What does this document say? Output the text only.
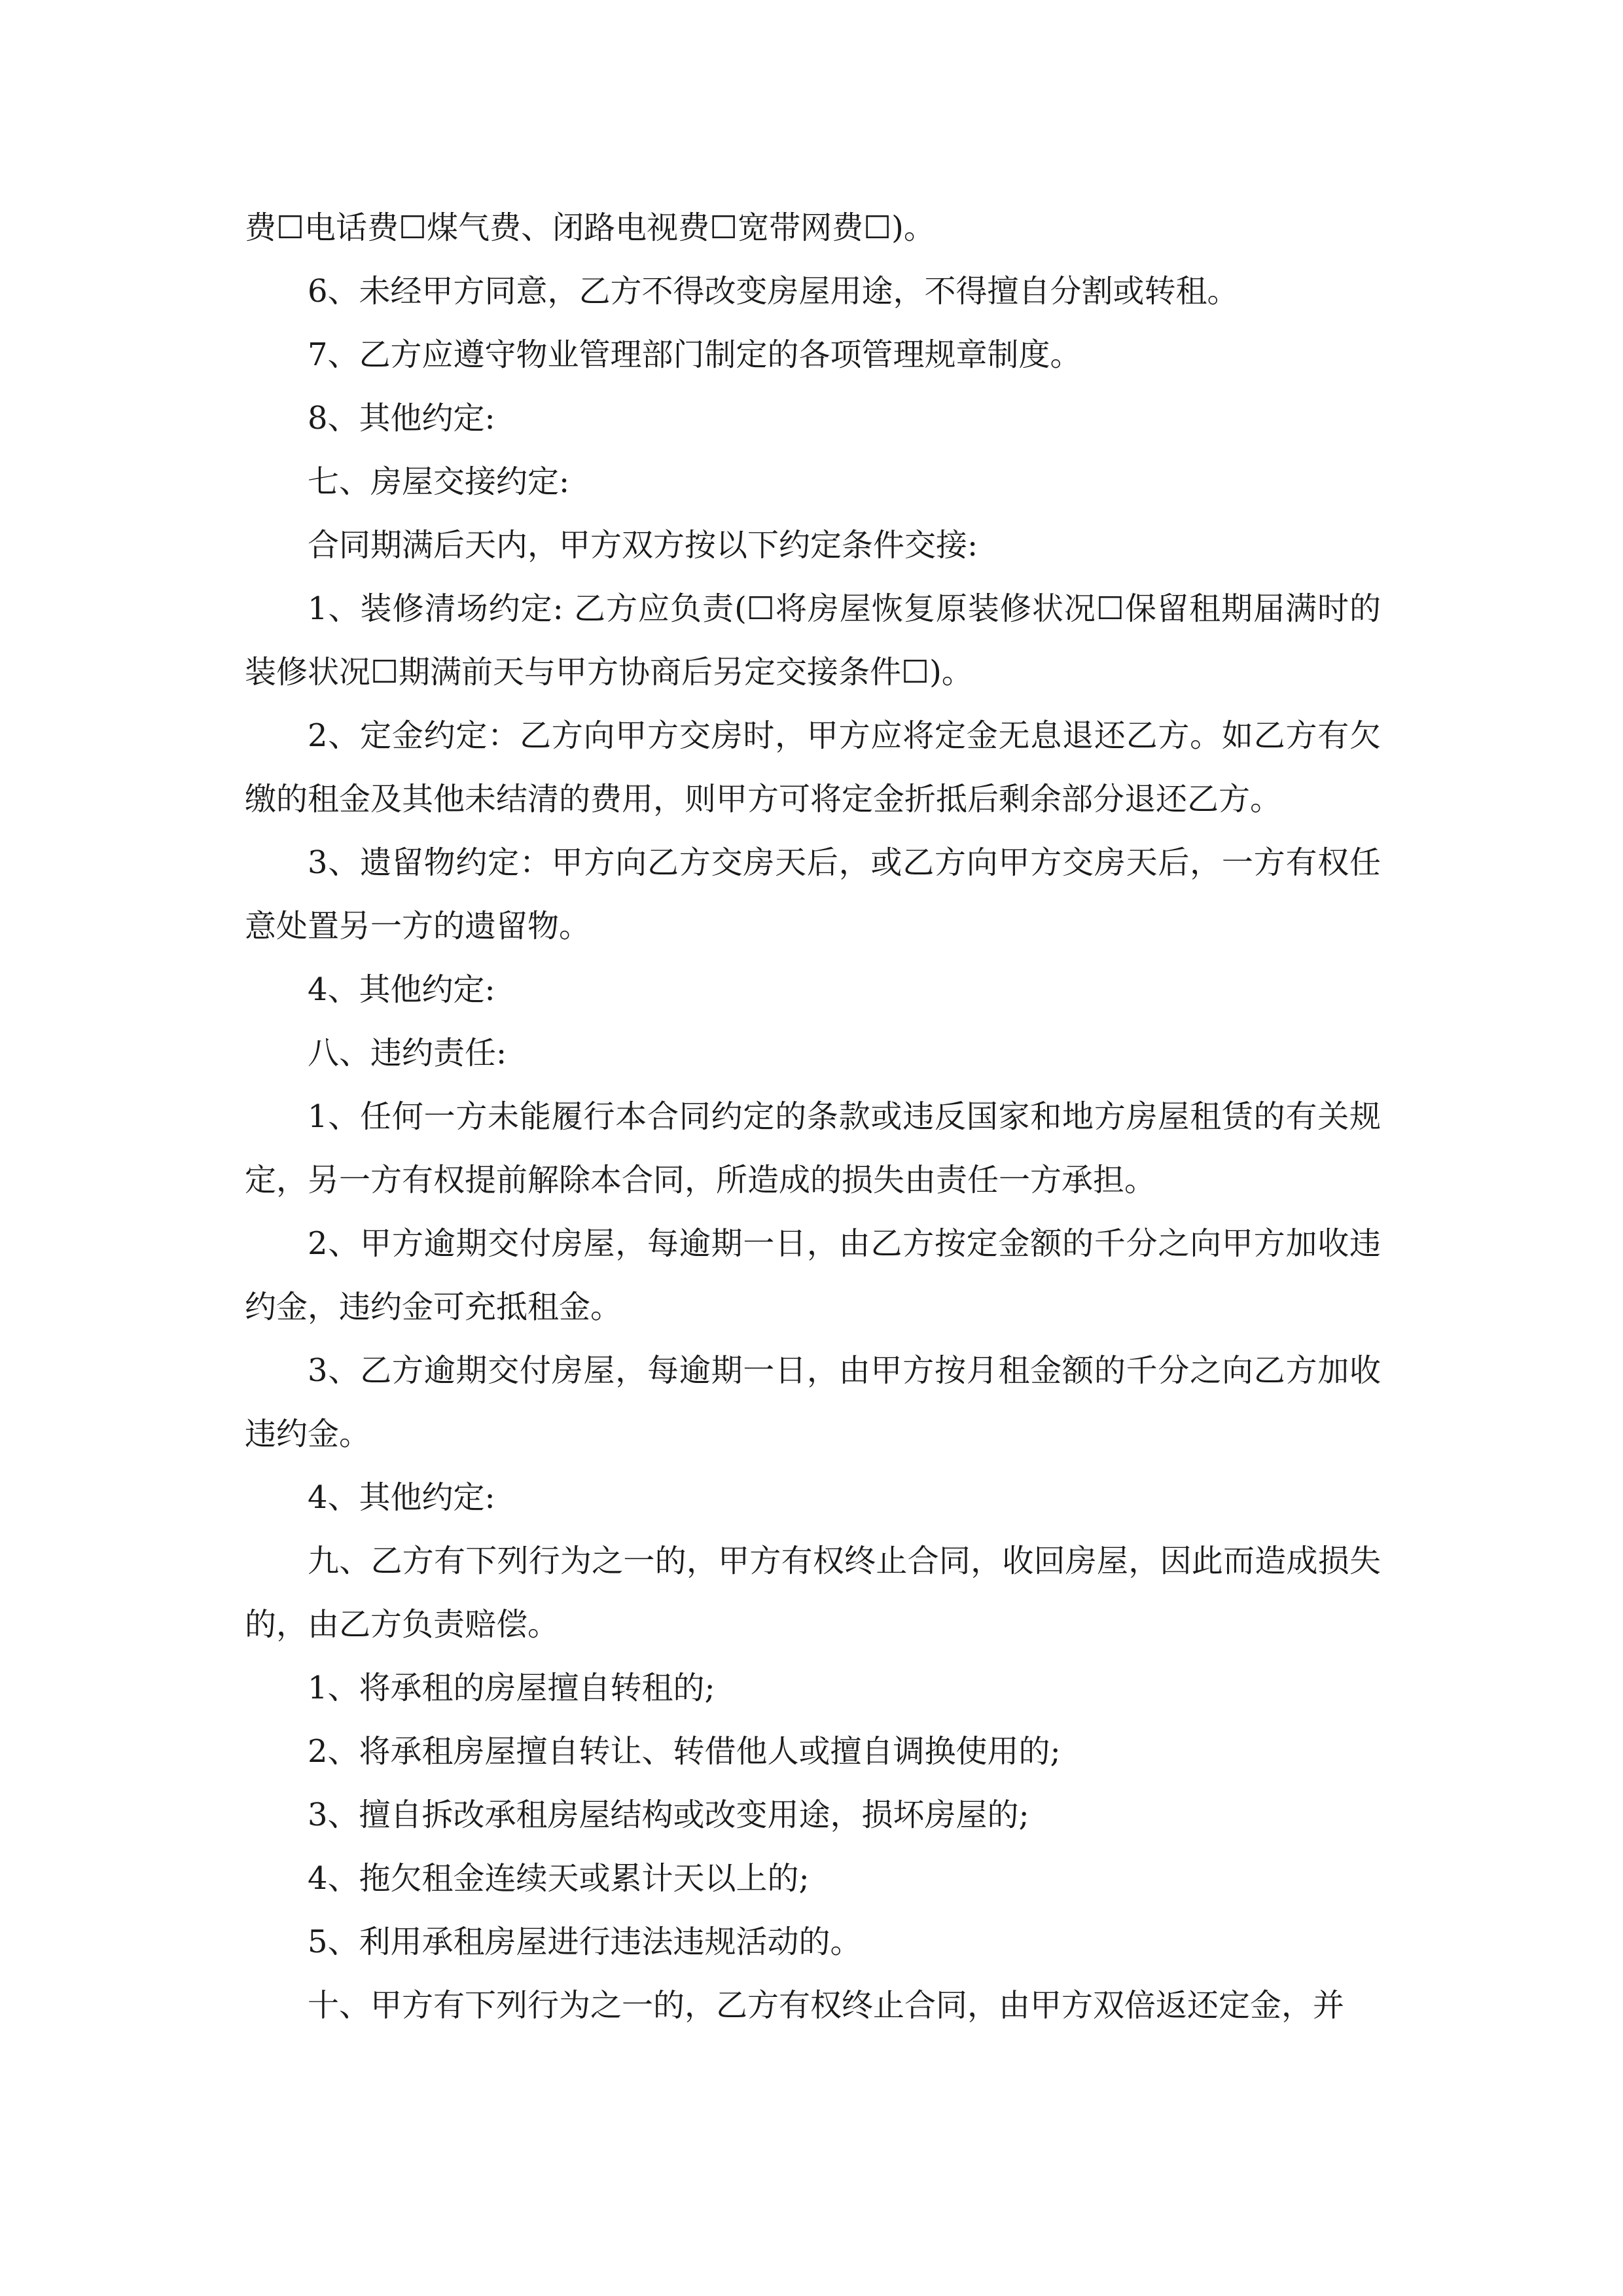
费☐电话费☐煤气费、闭路电视费☐宽带网费☐)。

6、未经甲方同意，乙方不得改变房屋用途，不得擅自分割或转租。

7、乙方应遵守物业管理部门制定的各项管理规章制度。

8、其他约定:

七、房屋交接约定:

合同期满后天内，甲方双方按以下约定条件交接:

1、装修清场约定: 乙方应负责(☐将房屋恢复原装修状况☐保留租期届满时的装修状况☐期满前天与甲方协商后另定交接条件☐)。

2、定金约定：乙方向甲方交房时，甲方应将定金无息退还乙方。如乙方有欠缴的租金及其他未结清的费用，则甲方可将定金折抵后剩余部分退还乙方。

3、遗留物约定：甲方向乙方交房天后，或乙方向甲方交房天后，一方有权任意处置另一方的遗留物。

4、其他约定:

八、违约责任:

1、任何一方未能履行本合同约定的条款或违反国家和地方房屋租赁的有关规定，另一方有权提前解除本合同，所造成的损失由责任一方承担。

2、甲方逾期交付房屋，每逾期一日，由乙方按定金额的千分之向甲方加收违约金，违约金可充抵租金。

3、乙方逾期交付房屋，每逾期一日，由甲方按月租金额的千分之向乙方加收违约金。

4、其他约定:

九、乙方有下列行为之一的，甲方有权终止合同，收回房屋，因此而造成损失的，由乙方负责赔偿。

1、将承租的房屋擅自转租的;

2、将承租房屋擅自转让、转借他人或擅自调换使用的;

3、擅自拆改承租房屋结构或改变用途，损坏房屋的;

4、拖欠租金连续天或累计天以上的;

5、利用承租房屋进行违法违规活动的。

十、甲方有下列行为之一的，乙方有权终止合同，由甲方双倍返还定金，并
